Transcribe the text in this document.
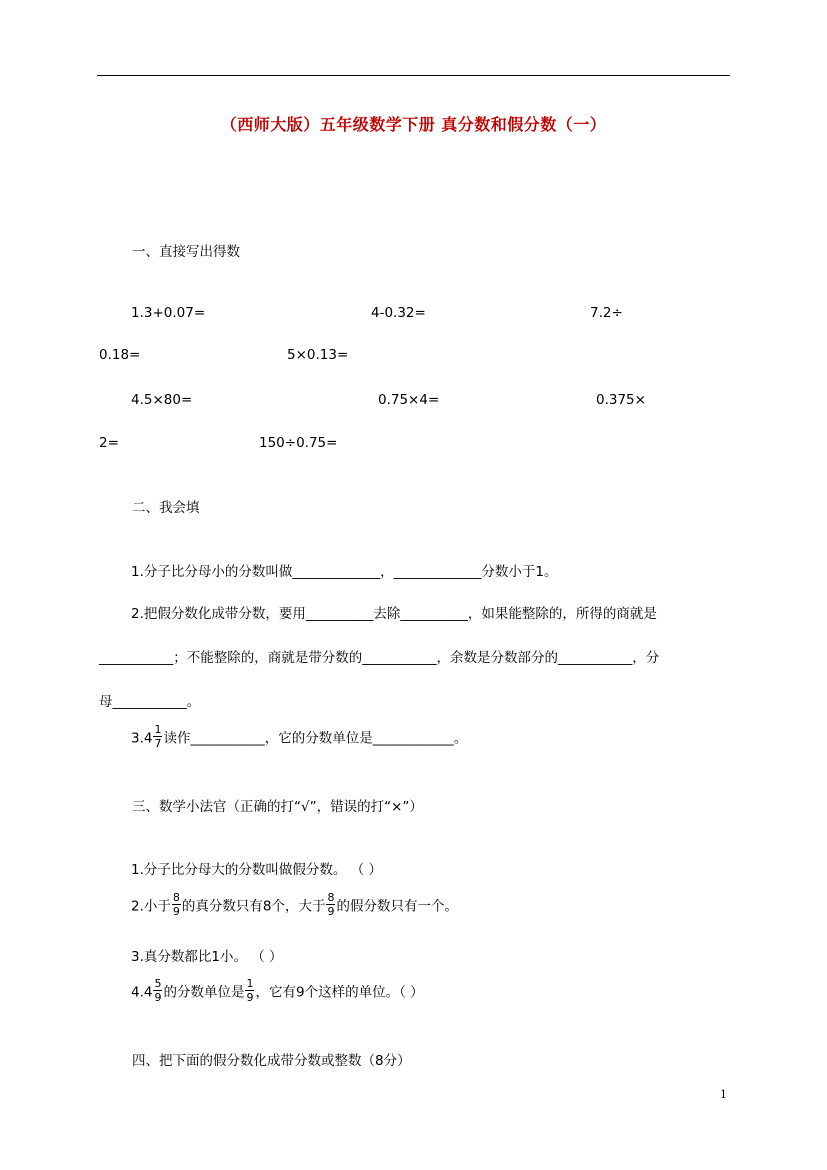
（西师大版）五年级数学下册 真分数和假分数（一）
一、直接写出得数
1.3+0.07=	4-0.32=	7.2÷
0.18=	5×0.13=
4.5×80=	0.75×4=	0.375×
2=	150÷0.75=
二、我会填
1.分子比分母小的分数叫做_____________，_____________分数小于1。
2.把假分数化成带分数，要用__________去除__________，如果能整除的，所得的商就是
___________；不能整除的，商就是带分数的___________，余数是分数部分的___________，分
母___________。
$3.4 \frac{1}{7}$ 读作___________，它的分数单位是____________。
三、数学小法官（正确的打“√”，错误的打“×”）
1.分子比分母大的分数叫做假分数。 （ ）
2.小于 $\frac{8}{9}$ 的真分数只有8个，大于 $\frac{8}{9}$ 的假分数只有一个。
3.真分数都比1小。 （ ）
$4.4 \frac{5}{9}$ 的分数单位是 $\frac{1}{9}$ ，它有9个这样的单位。（ ）
四、把下面的假分数化成带分数或整数（8分）
1
